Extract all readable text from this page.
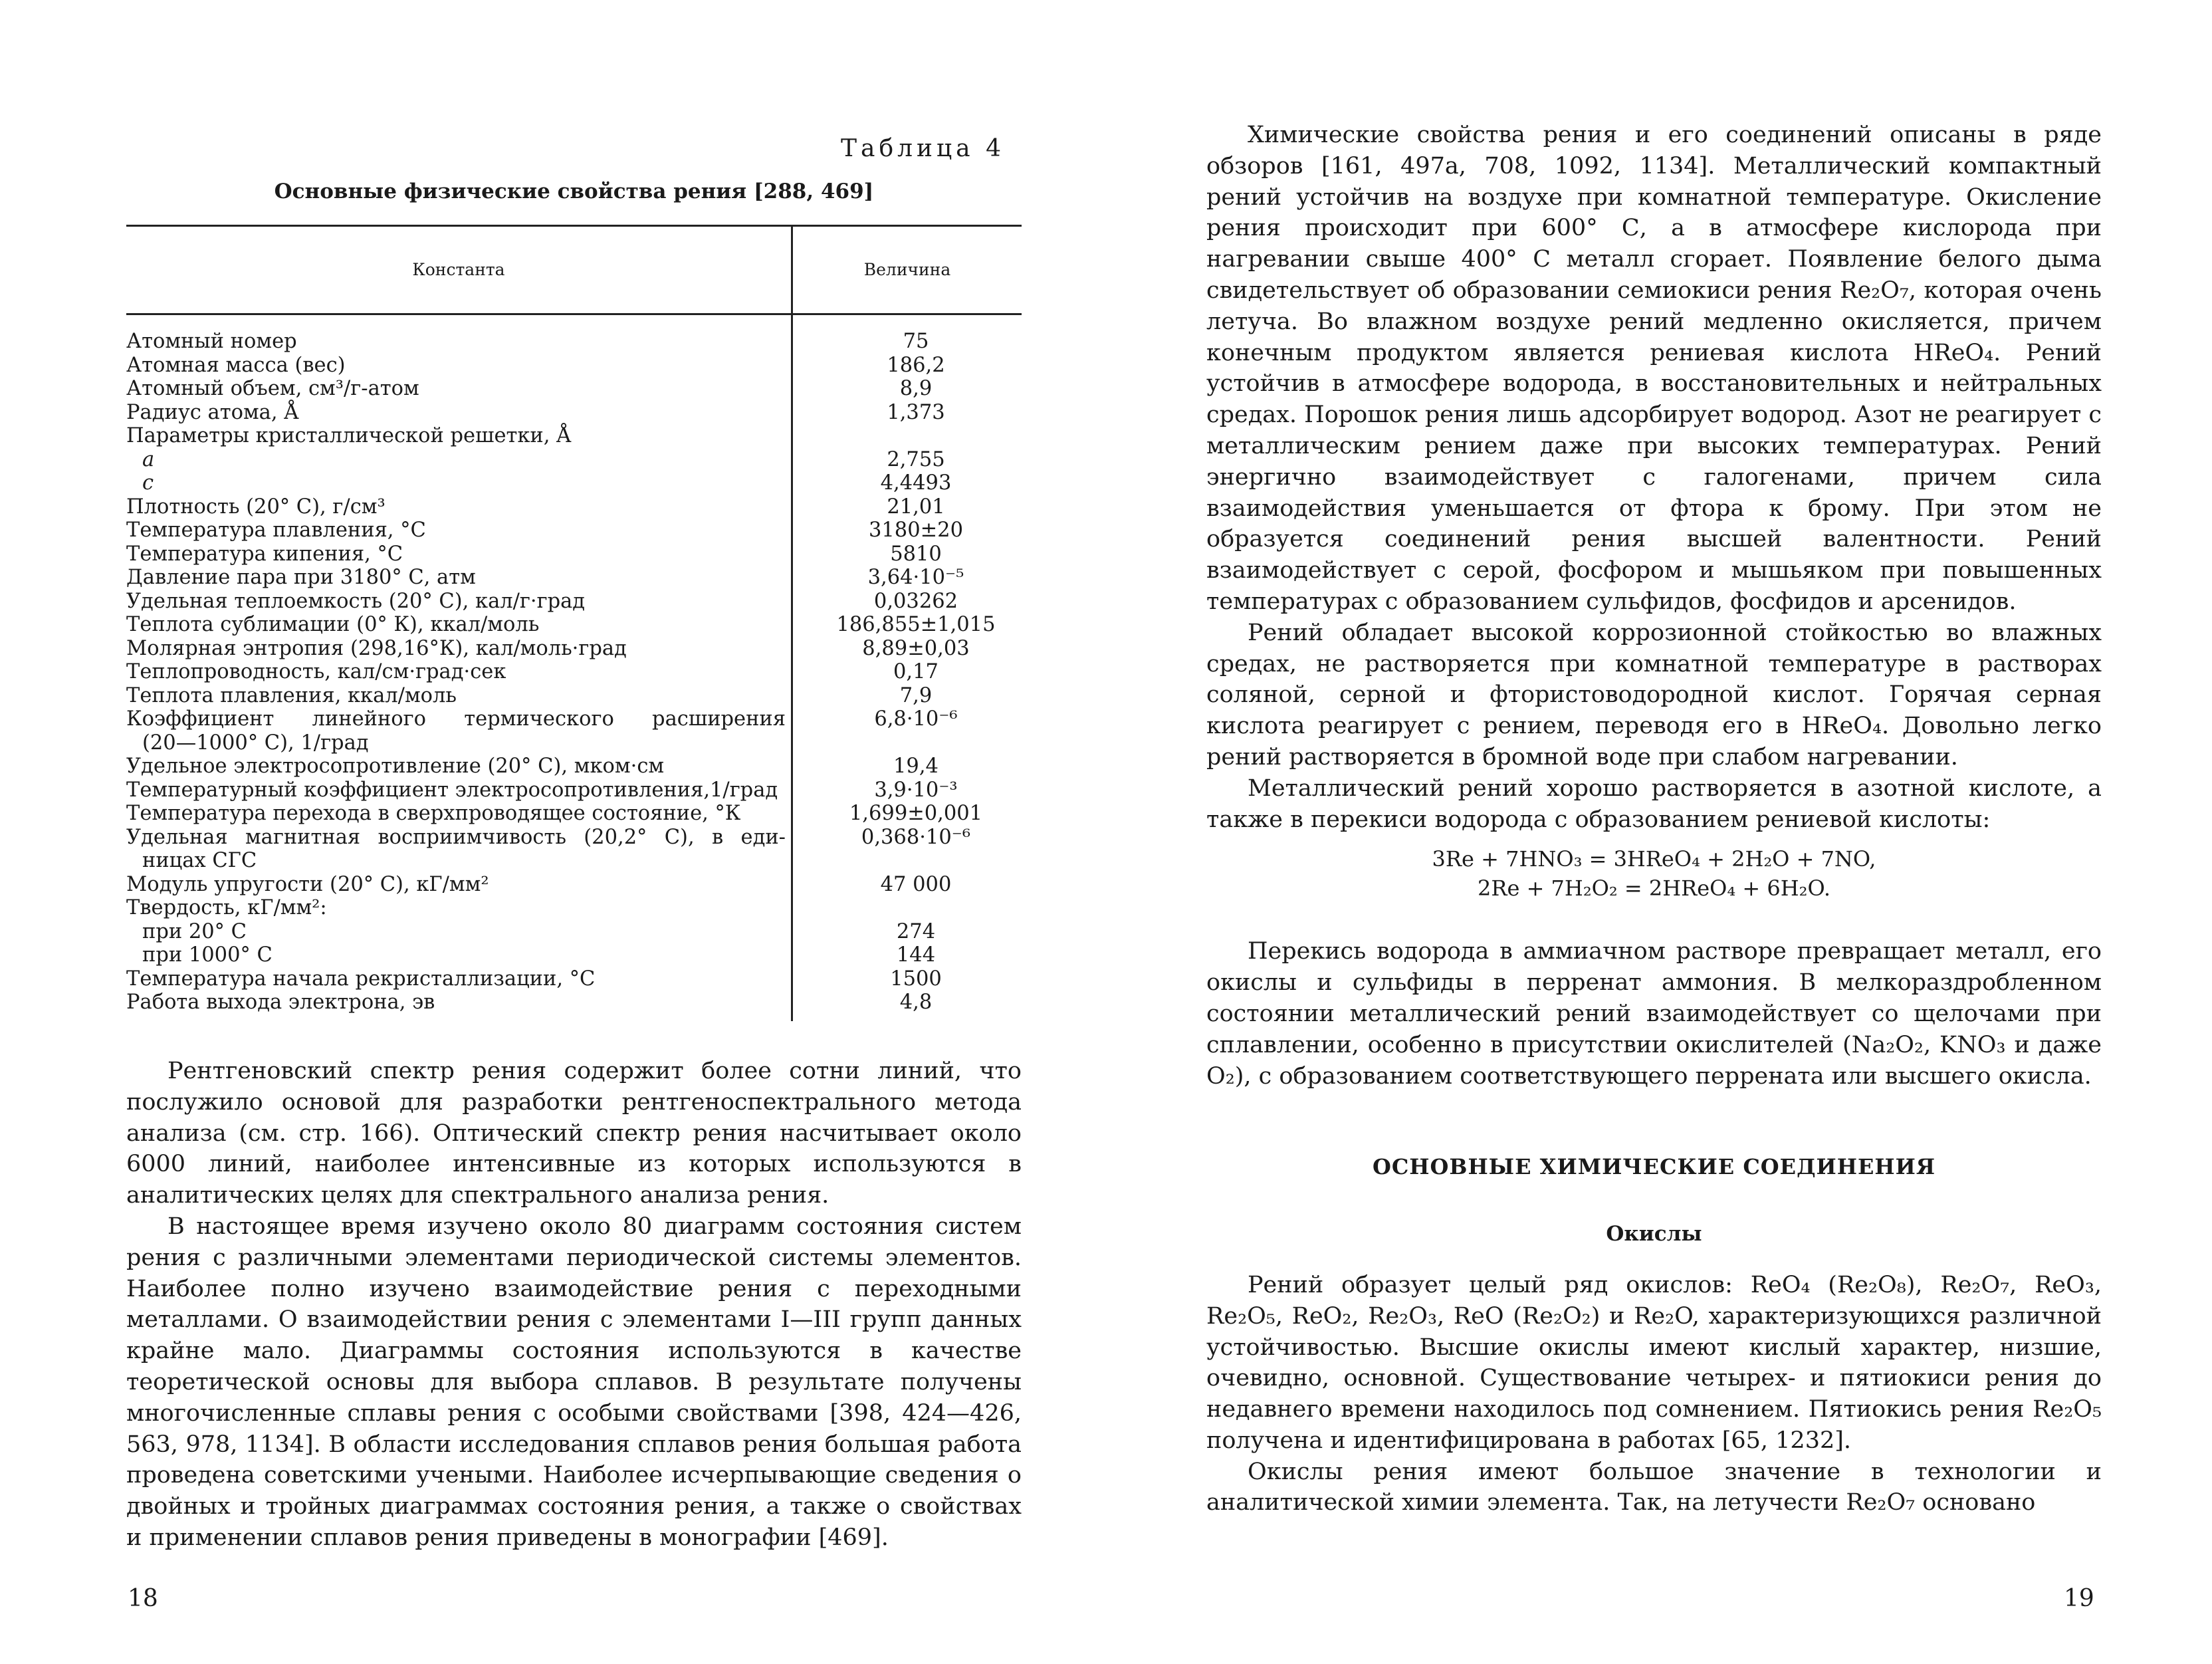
Таблица 4
Основные физические свойства рения [288, 469]
Константа	Величина
Атомный номер	75
Атомная масса (вес)	186,2
Атомный объем, см³/г-атом	8,9
Радиус атома, Å	1,373
Параметры кристаллической решетки, Å	
a	2,755
c	4,4493
Плотность (20° С), г/см³	21,01
Температура плавления, °С	3180±20
Температура кипения, °С	5810
Давление пара при 3180° С, атм	3,64·10⁻⁵
Удельная теплоемкость (20° С), кал/г·град	0,03262
Теплота сублимации (0° К), ккал/моль	186,855±1,015
Молярная энтропия (298,16°К), кал/моль·град	8,89±0,03
Теплопроводность, кал/см·град·сек	0,17
Теплота плавления, ккал/моль	7,9
Коэффициент линейного термического расширения	6,8·10⁻⁶
(20—1000° С), 1/град	
Удельное электросопротивление (20° С), мком·см	19,4
Температурный коэффициент электросопротивления,1/град	3,9·10⁻³
Температура перехода в сверхпроводящее состояние, °К	1,699±0,001
Удельная магнитная восприимчивость (20,2° С), в еди-	0,368·10⁻⁶
ницах СГС	
Модуль упругости (20° С), кГ/мм²	47 000
Твердость, кГ/мм²:	
при 20° С	274
при 1000° С	144
Температура начала рекристаллизации, °С	1500
Работа выхода электрона, эв	4,8

Рентгеновский спектр рения содержит более сотни линий, что послужило основой для разработки рентгеноспектрального метода анализа (см. стр. 166). Оптический спектр рения насчитывает около 6000 линий, наиболее интенсивные из которых используются в аналитических целях для спектрального анализа рения.

В настоящее время изучено около 80 диаграмм состояния систем рения с различными элементами периодической системы элементов. Наиболее полно изучено взаимодействие рения с переходными металлами. О взаимодействии рения с элементами I—III групп данных крайне мало. Диаграммы состояния используются в качестве теоретической основы для выбора сплавов. В результате получены многочисленные сплавы рения с особыми свойствами [398, 424—426, 563, 978, 1134]. В области исследования сплавов рения большая работа проведена советскими учеными. Наиболее исчерпывающие сведения о двойных и тройных диаграммах состояния рения, а также о свойствах и применении сплавов рения приведены в монографии [469].

18

Химические свойства рения и его соединений описаны в ряде обзоров [161, 497а, 708, 1092, 1134]. Металлический компактный рений устойчив на воздухе при комнатной температуре. Окисление рения происходит при 600° С, а в атмосфере кислорода при нагревании свыше 400° С металл сгорает. Появление белого дыма свидетельствует об образовании семиокиси рения Re₂O₇, которая очень летуча. Во влажном воздухе рений медленно окисляется, причем конечным продуктом является рениевая кислота HReO₄. Рений устойчив в атмосфере водорода, в восстановительных и нейтральных средах. Порошок рения лишь адсорбирует водород. Азот не реагирует с металлическим рением даже при высоких температурах. Рений энергично взаимодействует с галогенами, причем сила взаимодействия уменьшается от фтора к брому. При этом не образуется соединений рения высшей валентности. Рений взаимодействует с серой, фосфором и мышьяком при повышенных температурах с образованием сульфидов, фосфидов и арсенидов.

Рений обладает высокой коррозионной стойкостью во влажных средах, не растворяется при комнатной температуре в растворах соляной, серной и фтористоводородной кислот. Горячая серная кислота реагирует с рением, переводя его в HReO₄. Довольно легко рений растворяется в бромной воде при слабом нагревании.

Металлический рений хорошо растворяется в азотной кислоте, а также в перекиси водорода с образованием рениевой кислоты:

3Re + 7HNO₃ = 3HReO₄ + 2H₂O + 7NO,
2Re + 7H₂O₂ = 2HReO₄ + 6H₂O.

Перекись водорода в аммиачном растворе превращает металл, его окислы и сульфиды в перренат аммония. В мелкораздробленном состоянии металлический рений взаимодействует со щелочами при сплавлении, особенно в присутствии окислителей (Na₂O₂, KNO₃ и даже O₂), с образованием соответствующего перрената или высшего окисла.

ОСНОВНЫЕ ХИМИЧЕСКИЕ СОЕДИНЕНИЯ
Окислы

Рений образует целый ряд окислов: ReO₄ (Re₂O₈), Re₂O₇, ReO₃, Re₂O₅, ReO₂, Re₂O₃, ReO (Re₂O₂) и Re₂O, характеризующихся различной устойчивостью. Высшие окислы имеют кислый характер, низшие, очевидно, основной. Существование четырех- и пятиокиси рения до недавнего времени находилось под сомнением. Пятиокись рения Re₂O₅ получена и идентифицирована в работах [65, 1232].

Окислы рения имеют большое значение в технологии и аналитической химии элемента. Так, на летучести Re₂O₇ основано

19
